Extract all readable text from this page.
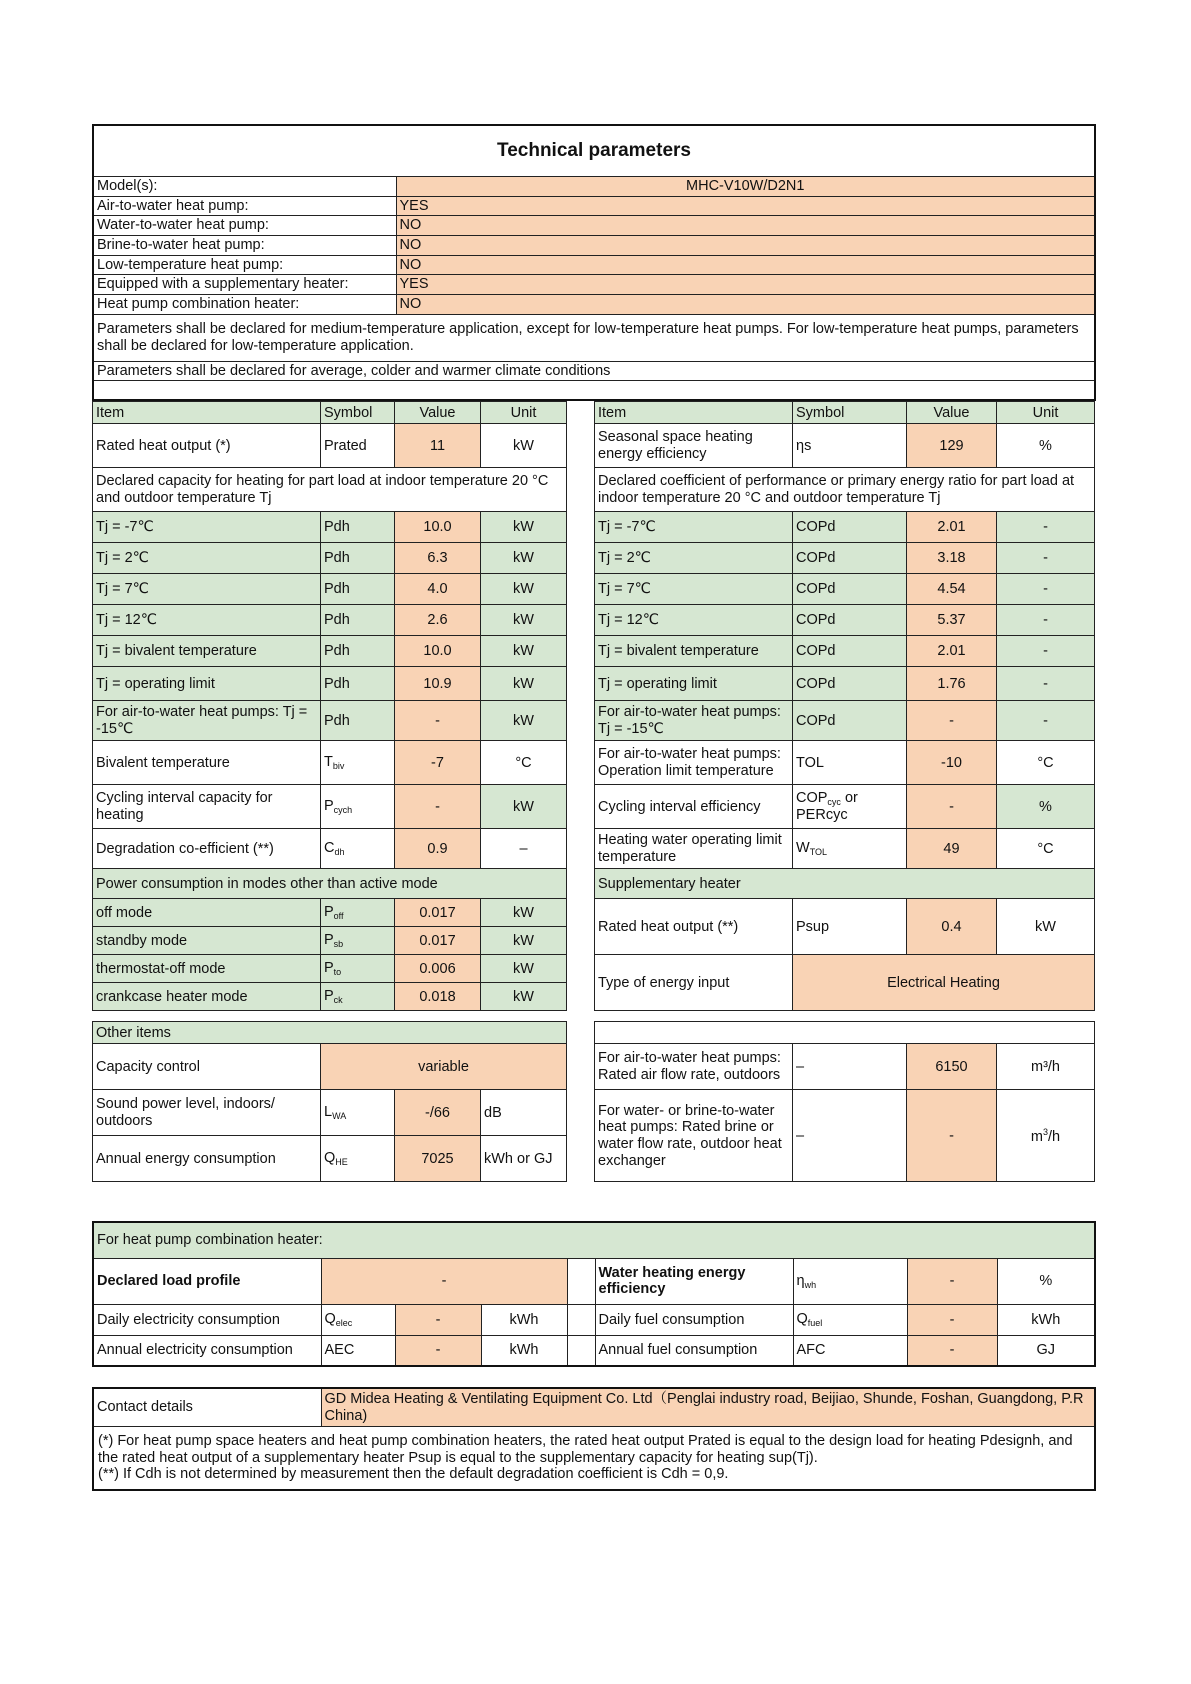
Technical parameters	
Model(s):	MHC-V10W/D2N1
Air-to-water heat pump:	YES
Water-to-water heat pump:	NO
Brine-to-water heat pump:	NO
Low-temperature heat pump:	NO
Equipped with a supplementary heater:	YES
Heat pump combination heater:	NO
Parameters shall be declared for medium-temperature application, except for low-temperature heat pumps. For low-temperature heat pumps, parameters shall be declared for low-temperature application.	
Parameters shall be declared for average, colder and warmer climate conditions	

Item	Symbol	Value	Unit
Rated heat output (*)	Prated	11	kW
Declared capacity for heating for part load at indoor temperature 20 °C and outdoor temperature Tj			
Tj = -7℃	Pdh	10.0	kW
Tj = 2℃	Pdh	6.3	kW
Tj = 7℃	Pdh	4.0	kW
Tj = 12℃	Pdh	2.6	kW
Tj = bivalent temperature	Pdh	10.0	kW
Tj = operating limit	Pdh	10.9	kW
For air-to-water heat pumps: Tj = -15℃	Pdh	-	kW
Bivalent temperature	$T_{biv}$	-7	°C
Cycling interval capacity for heating	$P_{cych}$	-	kW
Degradation co-efficient (**)	$C_{dh}$	0.9	–
Power consumption in modes other than active mode			
off mode	$P_{off}$	0.017	kW
standby mode	$P_{sb}$	0.017	kW
thermostat-off mode	$P_{to}$	0.006	kW
crankcase heater mode	$P_{ck}$	0.018	kW
Item	Symbol	Value	Unit
Seasonal space heating energy efficiency	ηs	129	%
Declared coefficient of performance or primary energy ratio for part load at indoor temperature 20 °C and outdoor temperature Tj			
Tj = -7℃	COPd	2.01	-
Tj = 2℃	COPd	3.18	-
Tj = 7℃	COPd	4.54	-
Tj = 12℃	COPd	5.37	-
Tj = bivalent temperature	COPd	2.01	-
Tj = operating limit	COPd	1.76	-
For air-to-water heat pumps: Tj = -15℃	COPd	-	-
For air-to-water heat pumps: Operation limit temperature	TOL	-10	°C
Cycling interval efficiency	$COP_{cyc}$ or PERcyc	-	%
Heating water operating limit temperature	$W_{TOL}$	49	°C
Supplementary heater			
Rated heat output (**)	Psup	0.4	kW
Type of energy input	Electrical Heating		
Other items			
Capacity control	variable		
Sound power level, indoors/ outdoors	$L_{WA}$	-/66	dB
Annual energy consumption	$Q_{HE}$	7025	kWh or GJ

For air-to-water heat pumps: Rated air flow rate, outdoors	–	6150	m³/h
For water- or brine-to-water heat pumps: Rated brine or water flow rate, outdoor heat exchanger	–	-	$m^3/h$
For heat pump combination heater:								
Declared load profile	-				Water heating energy efficiency	$\eta_{wh}$	-	%
Daily electricity consumption	$Q_{elec}$	-	kWh		Daily fuel consumption	$Q_{fuel}$	-	kWh
Annual electricity consumption	AEC	-	kWh		Annual fuel consumption	AFC	-	GJ
Contact details	GD Midea Heating & Ventilating Equipment Co. Ltd（Penglai industry road, Beijiao, Shunde, Foshan, Guangdong, P.R China)

(*) For heat pump space heaters and heat pump combination heaters, the rated heat output Prated is equal to the design load for heating Pdesignh, and the rated heat output of a supplementary heater Psup is equal to the supplementary capacity for heating sup(Tj).
(**) If Cdh is not determined by measurement then the default degradation coefficient is Cdh = 0,9.
